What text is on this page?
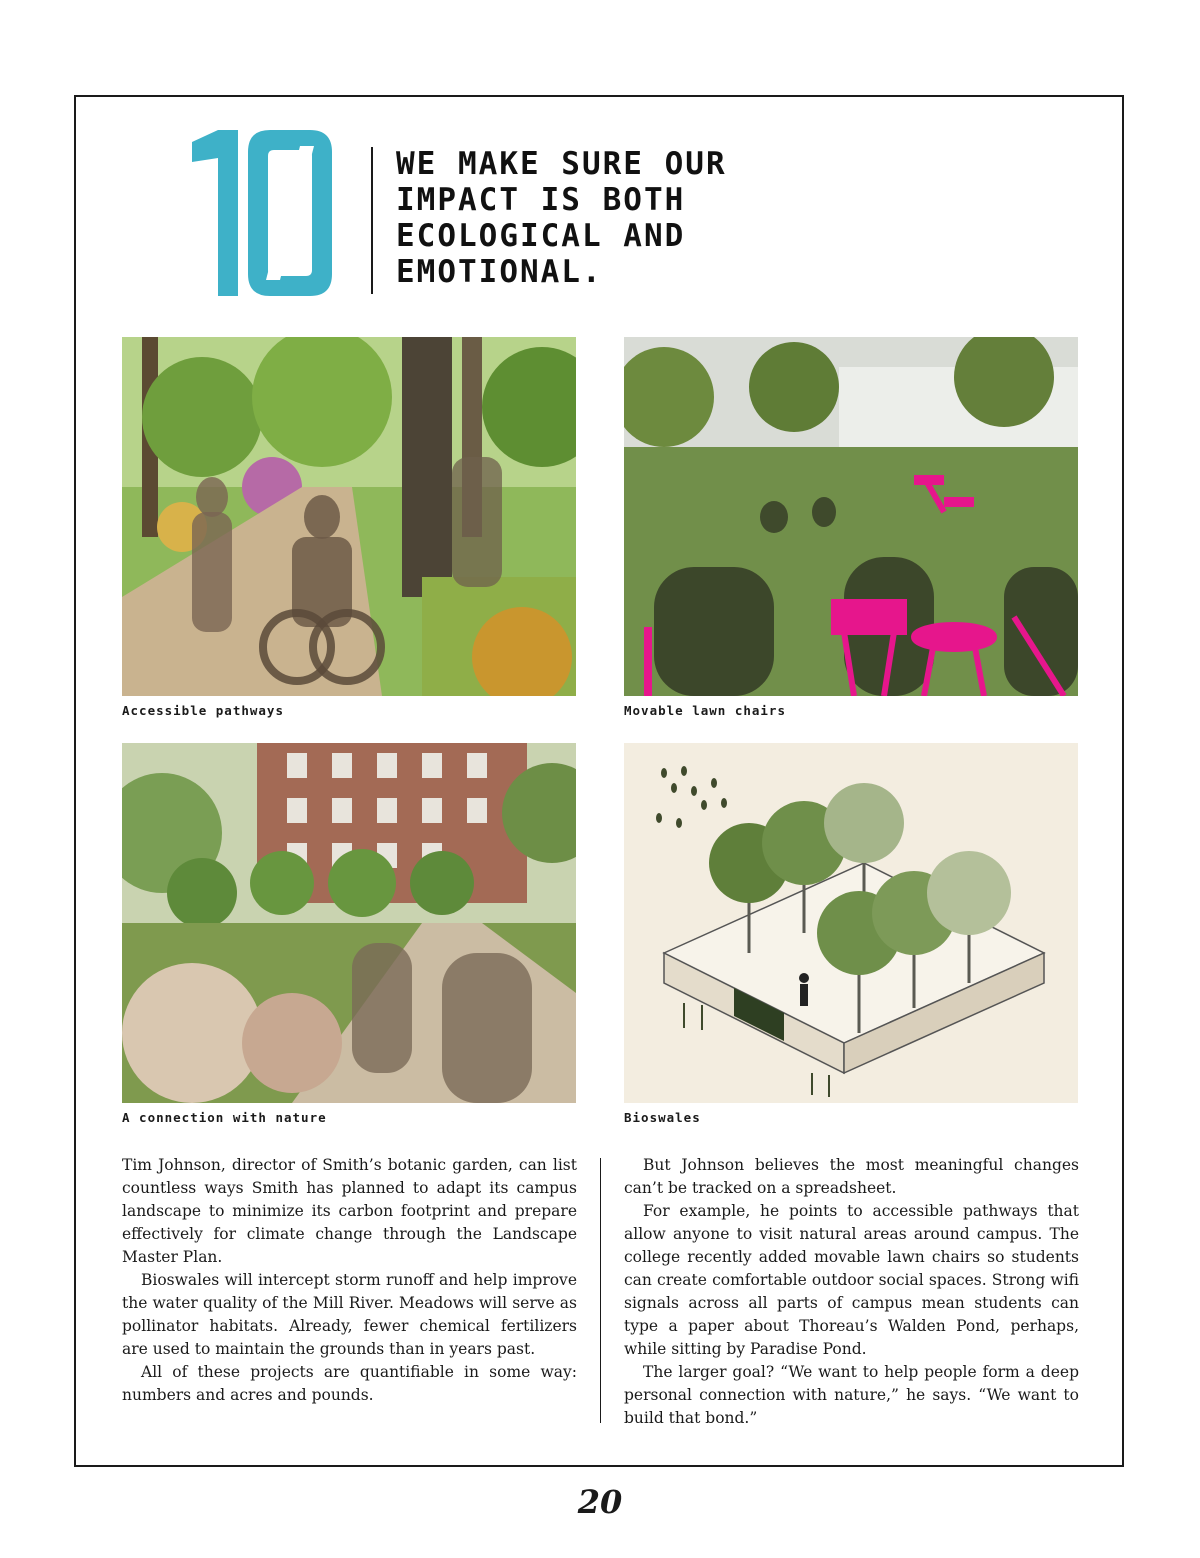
WE MAKE SURE OUR
IMPACT IS BOTH
ECOLOGICAL AND
EMOTIONAL.
Accessible pathways	Movable lawn chairs
A connection with nature	Bioswales

Tim Johnson, director of Smith’s botanic garden, can list countless ways Smith has planned to adapt its campus landscape to minimize its carbon footprint and prepare effectively for climate change through the Landscape Master Plan.

Bioswales will intercept storm runoff and help improve the water quality of the Mill River. Meadows will serve as pollinator habitats. Already, fewer chemical fertilizers are used to maintain the grounds than in years past.

All of these projects are quantifiable in some way: numbers and acres and pounds.

But Johnson believes the most meaningful changes can’t be tracked on a spreadsheet.

For example, he points to accessible pathways that allow anyone to visit natural areas around campus. The college recently added movable lawn chairs so students can create comfortable outdoor social spaces. Strong wifi signals across all parts of campus mean students can type a paper about Thoreau’s Walden Pond, perhaps, while sitting by Paradise Pond.

The larger goal? “We want to help people form a deep personal connection with nature,” he says. “We want to build that bond.”

20
